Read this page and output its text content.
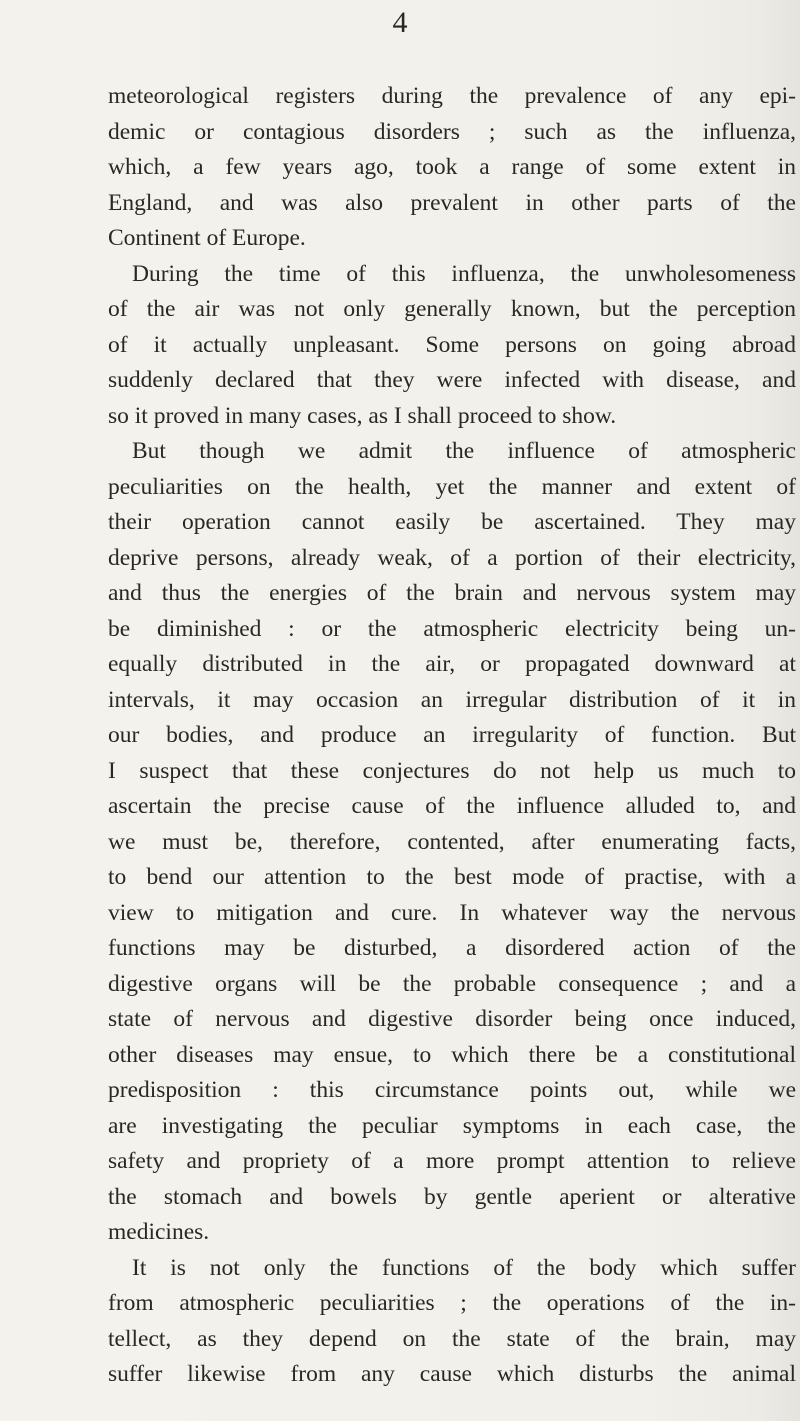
4
meteorological registers during the prevalence of any epi-
demic or contagious disorders ; such as the influenza,
which, a few years ago, took a range of some extent in
England, and was also prevalent in other parts of the
Continent of Europe.
During the time of this influenza, the unwholesomeness
of the air was not only generally known, but the perception
of it actually unpleasant. Some persons on going abroad
suddenly declared that they were infected with disease, and
so it proved in many cases, as I shall proceed to show.
But though we admit the influence of atmospheric
peculiarities on the health, yet the manner and extent of
their operation cannot easily be ascertained. They may
deprive persons, already weak, of a portion of their electricity,
and thus the energies of the brain and nervous system may
be diminished : or the atmospheric electricity being un-
equally distributed in the air, or propagated downward at
intervals, it may occasion an irregular distribution of it in
our bodies, and produce an irregularity of function. But
I suspect that these conjectures do not help us much to
ascertain the precise cause of the influence alluded to, and
we must be, therefore, contented, after enumerating facts,
to bend our attention to the best mode of practise, with a
view to mitigation and cure. In whatever way the nervous
functions may be disturbed, a disordered action of the
digestive organs will be the probable consequence ; and a
state of nervous and digestive disorder being once induced,
other diseases may ensue, to which there be a constitutional
predisposition : this circumstance points out, while we
are investigating the peculiar symptoms in each case, the
safety and propriety of a more prompt attention to relieve
the stomach and bowels by gentle aperient or alterative
medicines.
It is not only the functions of the body which suffer
from atmospheric peculiarities ; the operations of the in-
tellect, as they depend on the state of the brain, may
suffer likewise from any cause which disturbs the animal
